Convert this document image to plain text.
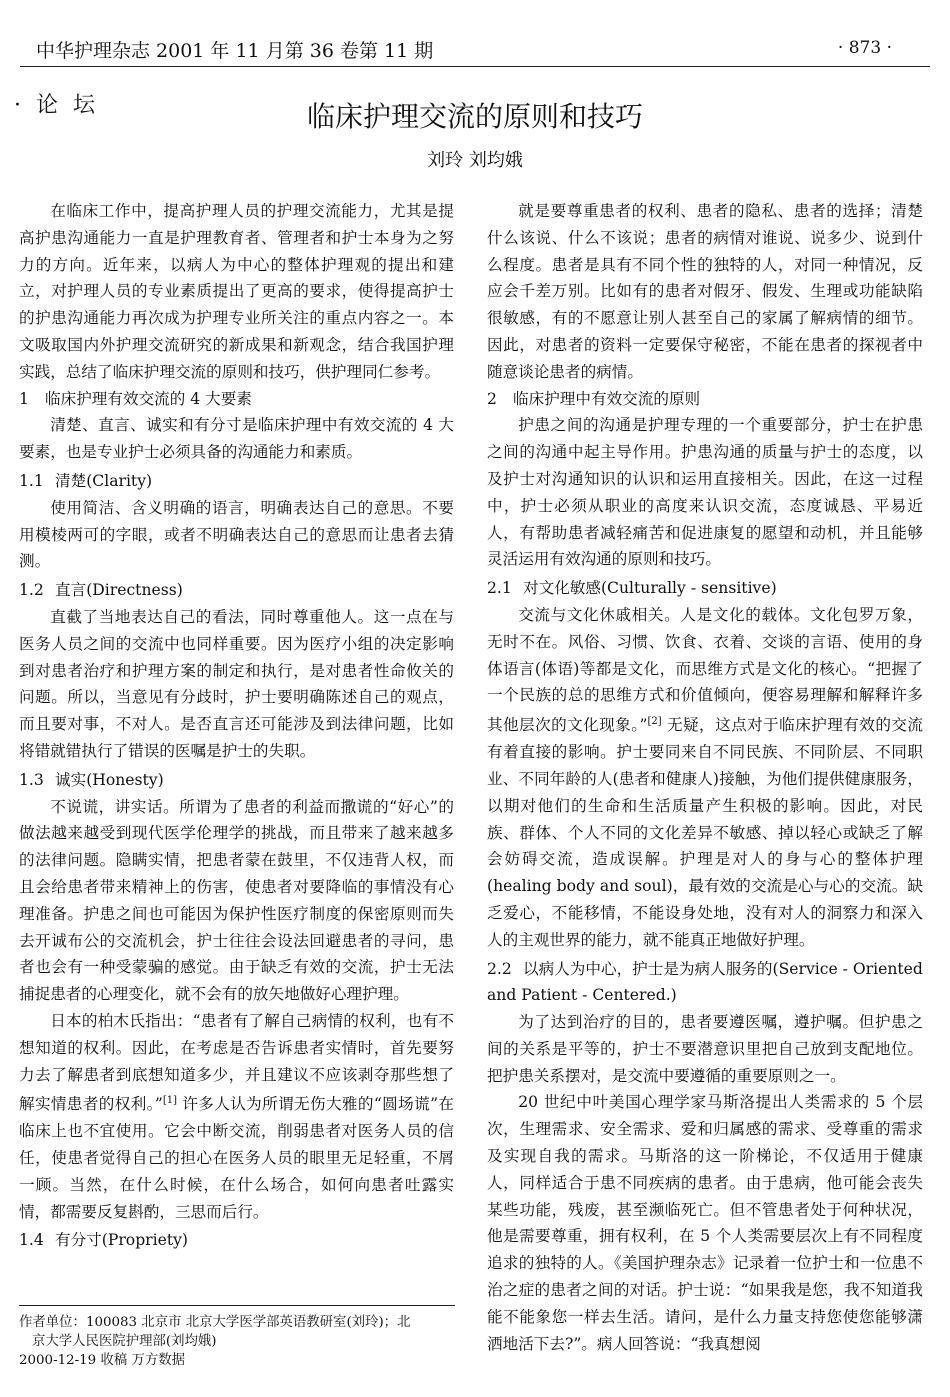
中华护理杂志 2001 年 11 月第 36 卷第 11 期	· 873 ·
· 论 坛	临床护理交流的原则和技巧
刘玲 刘均娥

在临床工作中，提高护理人员的护理交流能力，尤其是提高护患沟通能力一直是护理教育者、管理者和护士本身为之努力的方向。近年来，以病人为中心的整体护理观的提出和建立，对护理人员的专业素质提出了更高的要求，使得提高护士的护患沟通能力再次成为护理专业所关注的重点内容之一。本文吸取国内外护理交流研究的新成果和新观念，结合我国护理实践，总结了临床护理交流的原则和技巧，供护理同仁参考。

1 临床护理有效交流的 4 大要素

清楚、直言、诚实和有分寸是临床护理中有效交流的 4 大要素，也是专业护士必须具备的沟通能力和素质。

1.1 清楚(Clarity)

使用简洁、含义明确的语言，明确表达自己的意思。不要用模棱两可的字眼，或者不明确表达自己的意思而让患者去猜测。

1.2 直言(Directness)

直截了当地表达自己的看法，同时尊重他人。这一点在与医务人员之间的交流中也同样重要。因为医疗小组的决定影响到对患者治疗和护理方案的制定和执行，是对患者性命攸关的问题。所以，当意见有分歧时，护士要明确陈述自己的观点，而且要对事，不对人。是否直言还可能涉及到法律问题，比如将错就错执行了错误的医嘱是护士的失职。

1.3 诚实(Honesty)

不说谎，讲实话。所谓为了患者的利益而撒谎的“好心”的做法越来越受到现代医学伦理学的挑战，而且带来了越来越多的法律问题。隐瞒实情，把患者蒙在鼓里，不仅违背人权，而且会给患者带来精神上的伤害，使患者对要降临的事情没有心理准备。护患之间也可能因为保护性医疗制度的保密原则而失去开诚布公的交流机会，护士往往会设法回避患者的寻问，患者也会有一种受蒙骗的感觉。由于缺乏有效的交流，护士无法捕捉患者的心理变化，就不会有的放矢地做好心理护理。

日本的柏木氏指出：“患者有了解自己病情的权利，也有不想知道的权利。因此，在考虑是否告诉患者实情时，首先要努力去了解患者到底想知道多少，并且建议不应该剥夺那些想了解实情患者的权利。”[1] 许多人认为所谓无伤大雅的“圆场谎”在临床上也不宜使用。它会中断交流，削弱患者对医务人员的信任，使患者觉得自己的担心在医务人员的眼里无足轻重，不屑一顾。当然，在什么时候，在什么场合，如何向患者吐露实情，都需要反复斟酌，三思而后行。

1.4 有分寸(Propriety)
作者单位：100083 北京市 北京大学医学部英语教研室(刘玲)；北
京大学人民医院护理部(刘均娥)
2000-12-19 收稿 万方数据

就是要尊重患者的权利、患者的隐私、患者的选择；清楚什么该说、什么不该说；患者的病情对谁说、说多少、说到什么程度。患者是具有不同个性的独特的人，对同一种情况，反应会千差万别。比如有的患者对假牙、假发、生理或功能缺陷很敏感，有的不愿意让别人甚至自己的家属了解病情的细节。因此，对患者的资料一定要保守秘密，不能在患者的探视者中随意谈论患者的病情。

2 临床护理中有效交流的原则

护患之间的沟通是护理专理的一个重要部分，护士在护患之间的沟通中起主导作用。护患沟通的质量与护士的态度，以及护士对沟通知识的认识和运用直接相关。因此，在这一过程中，护士必须从职业的高度来认识交流，态度诚恳、平易近人，有帮助患者减轻痛苦和促进康复的愿望和动机，并且能够灵活运用有效沟通的原则和技巧。

2.1 对文化敏感(Culturally - sensitive)

交流与文化休戚相关。人是文化的载体。文化包罗万象，无时不在。风俗、习惯、饮食、衣着、交谈的言语、使用的身体语言(体语)等都是文化，而思维方式是文化的核心。“把握了一个民族的总的思维方式和价值倾向，便容易理解和解释许多其他层次的文化现象。”[2] 无疑，这点对于临床护理有效的交流有着直接的影响。护士要同来自不同民族、不同阶层、不同职业、不同年龄的人(患者和健康人)接触，为他们提供健康服务，以期对他们的生命和生活质量产生积极的影响。因此，对民族、群体、个人不同的文化差异不敏感、掉以轻心或缺乏了解会妨碍交流，造成误解。护理是对人的身与心的整体护理(healing body and soul)，最有效的交流是心与心的交流。缺乏爱心，不能移情，不能设身处地，没有对人的洞察力和深入人的主观世界的能力，就不能真正地做好护理。

2.2 以病人为中心，护士是为病人服务的(Service - Oriented and Patient - Centered.)

为了达到治疗的目的，患者要遵医嘱，遵护嘱。但护患之间的关系是平等的，护士不要潜意识里把自己放到支配地位。把护患关系摆对，是交流中要遵循的重要原则之一。

20 世纪中叶美国心理学家马斯洛提出人类需求的 5 个层次，生理需求、安全需求、爱和归属感的需求、受尊重的需求及实现自我的需求。马斯洛的这一阶梯论，不仅适用于健康人，同样适合于患不同疾病的患者。由于患病，他可能会丧失某些功能，残废，甚至濒临死亡。但不管患者处于何种状况，他是需要尊重，拥有权利，在 5 个人类需要层次上有不同程度追求的独特的人。《美国护理杂志》记录着一位护士和一位患不治之症的患者之间的对话。护士说：“如果我是您，我不知道我能不能象您一样去生活。请问，是什么力量支持您使您能够潇洒地活下去?”。病人回答说：“我真想阅
